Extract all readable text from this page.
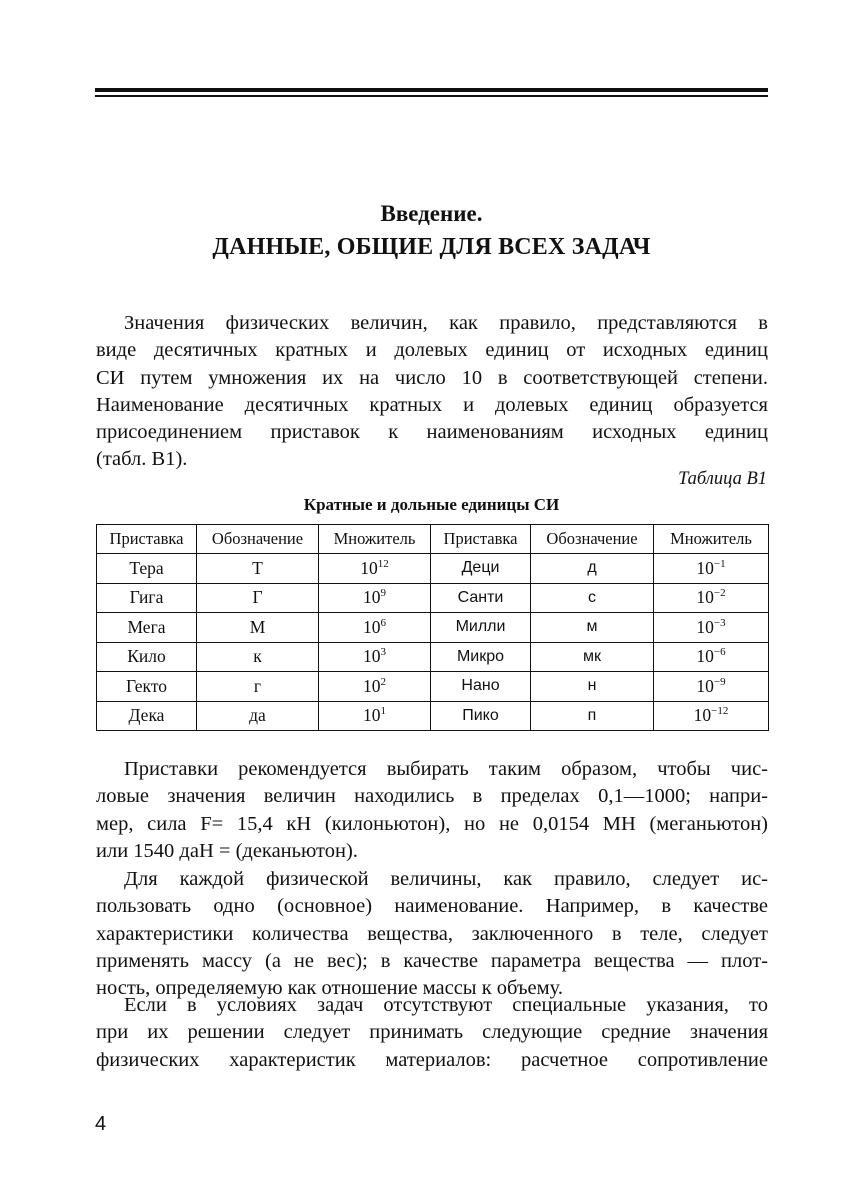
Введение.
ДАННЫЕ, ОБЩИЕ ДЛЯ ВСЕХ ЗАДАЧ
Значения физических величин, как правило, представляются в
виде десятичных кратных и долевых единиц от исходных единиц
СИ путем умножения их на число 10 в соответствующей степени.
Наименование десятичных кратных и долевых единиц образуется
присоединением приставок к наименованиям исходных единиц
(табл. В1).
Таблица В1
Кратные и дольные единицы СИ
Приставка	Обозначение	Множитель	Приставка	Обозначение	Множитель
Тера	Т	$10^{12}$	Деци	д	$10^{-1}$
Гига	Г	$10^9$	Санти	с	$10^{-2}$
Мега	М	$10^6$	Милли	м	$10^{-3}$
Кило	к	$10^3$	Микро	мк	$10^{-6}$
Гекто	г	$10^2$	Нано	н	$10^{-9}$
Дека	да	$10^1$	Пико	п	$10^{-12}$
Приставки рекомендуется выбирать таким образом, чтобы чис-
ловые значения величин находились в пределах 0,1—1000; напри-
мер, сила F= 15,4 кН (килоньютон), но не 0,0154 МН (меганьютон)
или 1540 даН = (деканьютон).
Для каждой физической величины, как правило, следует ис-
пользовать одно (основное) наименование. Например, в качестве
характеристики количества вещества, заключенного в теле, следует
применять массу (а не вес); в качестве параметра вещества — плот-
ность, определяемую как отношение массы к объему.
Если в условиях задач отсутствуют специальные указания, то
при их решении следует принимать следующие средние значения
физических характеристик материалов: расчетное сопротивление
4
